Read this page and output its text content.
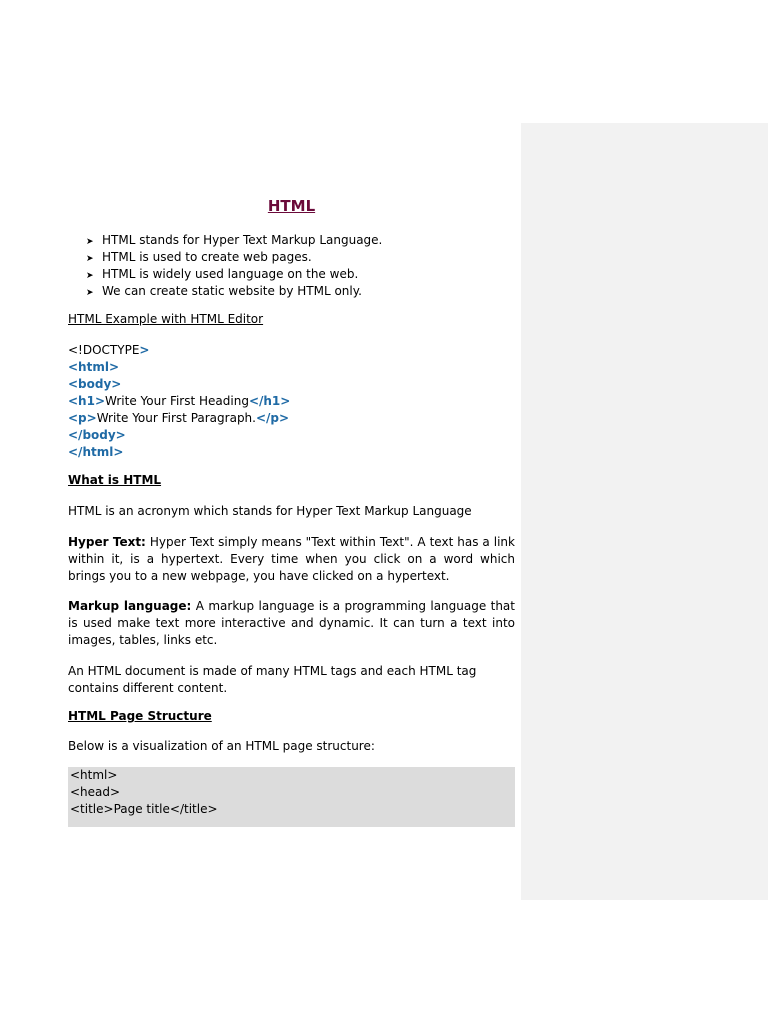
HTML
➤ HTML stands for Hyper Text Markup Language.
➤ HTML is used to create web pages.
➤ HTML is widely used language on the web.
➤ We can create static website by HTML only.
HTML Example with HTML Editor
<!DOCTYPE>
<html>
<body>
<h1>Write Your First Heading</h1>
<p>Write Your First Paragraph.</p>
</body>
</html>
What is HTML
HTML is an acronym which stands for Hyper Text Markup Language
Hyper Text: Hyper Text simply means "Text within Text". A text has a link within it, is a hypertext. Every time when you click on a word which brings you to a new webpage, you have clicked on a hypertext.
Markup language: A markup language is a programming language that is used make text more interactive and dynamic. It can turn a text into images, tables, links etc.
An HTML document is made of many HTML tags and each HTML tag contains different content.
HTML Page Structure
Below is a visualization of an HTML page structure:
<html>
<head>
<title>Page title</title>
